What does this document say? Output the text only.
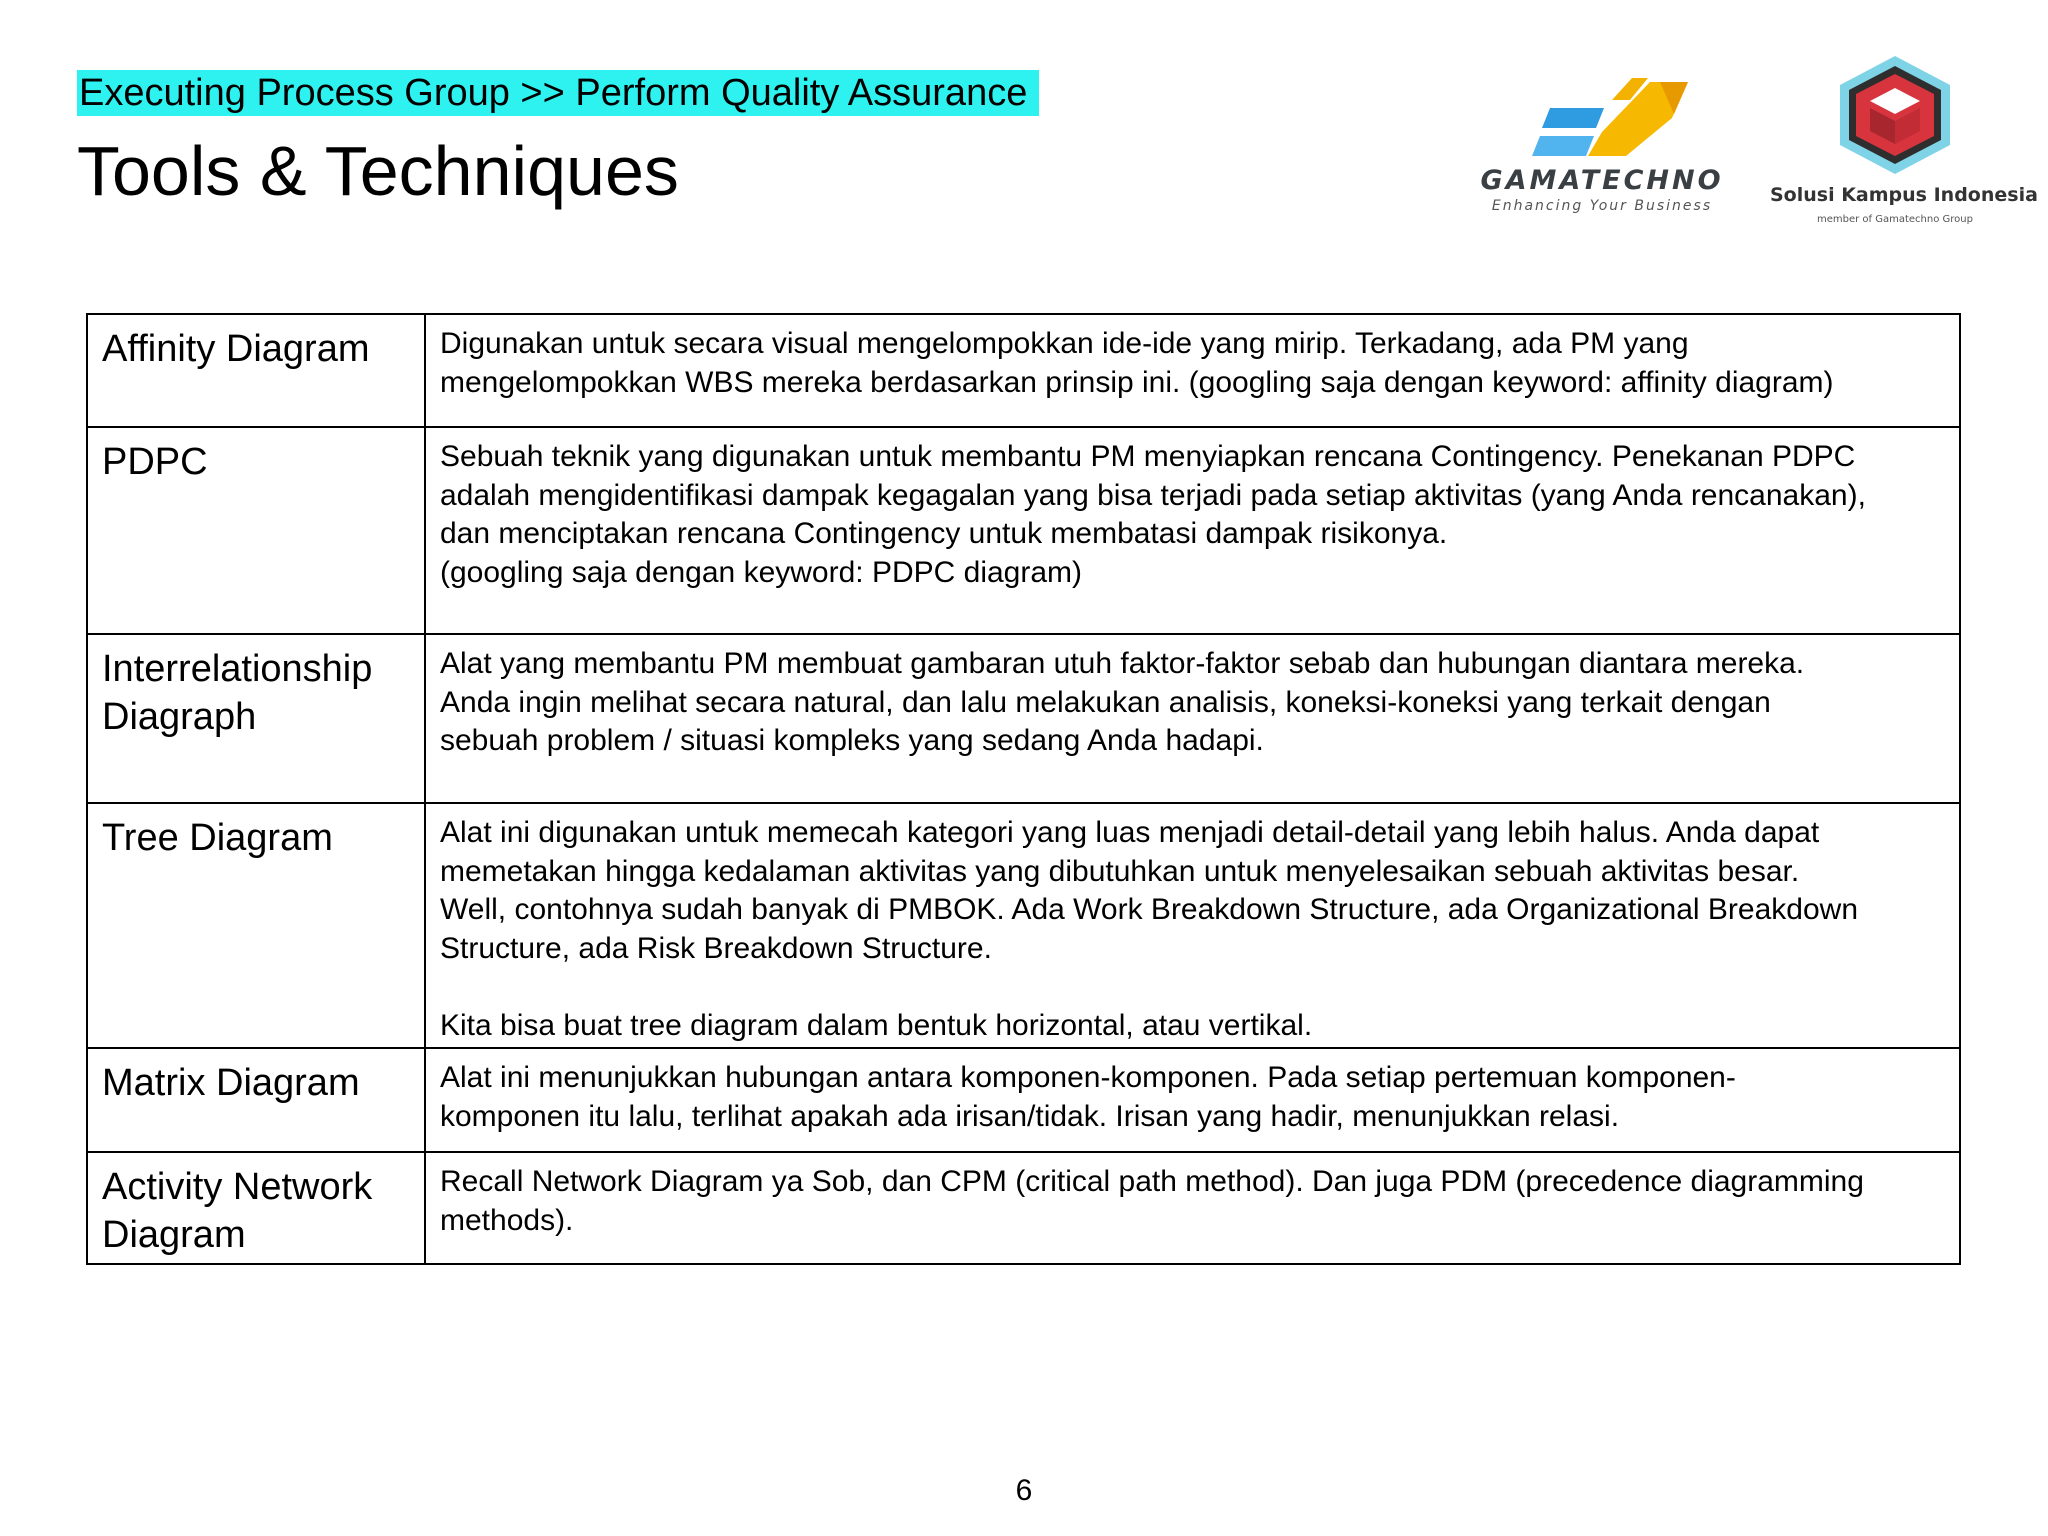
Executing Process Group >> Perform Quality Assurance
Tools & Techniques	GAMATECHNO
Enhancing Your Business	Solusi Kampus Indonesia
member of Gamatechno Group
Affinity Diagram	Digunakan untuk secara visual mengelompokkan ide-ide yang mirip. Terkadang, ada PM yang
mengelompokkan WBS mereka berdasarkan prinsip ini. (googling saja dengan keyword: affinity diagram)

PDPC	Sebuah teknik yang digunakan untuk membantu PM menyiapkan rencana Contingency. Penekanan PDPC
adalah mengidentifikasi dampak kegagalan yang bisa terjadi pada setiap aktivitas (yang Anda rencanakan),
dan menciptakan rencana Contingency untuk membatasi dampak risikonya.
(googling saja dengan keyword: PDPC diagram)

Interrelationship
Diagraph	Alat yang membantu PM membuat gambaran utuh faktor-faktor sebab dan hubungan diantara mereka.
Anda ingin melihat secara natural, dan lalu melakukan analisis, koneksi-koneksi yang terkait dengan
sebuah problem / situasi kompleks yang sedang Anda hadapi.

Tree Diagram	Alat ini digunakan untuk memecah kategori yang luas menjadi detail-detail yang lebih halus. Anda dapat
memetakan hingga kedalaman aktivitas yang dibutuhkan untuk menyelesaikan sebuah aktivitas besar.
Well, contohnya sudah banyak di PMBOK. Ada Work Breakdown Structure, ada Organizational Breakdown
Structure, ada Risk Breakdown Structure.
Kita bisa buat tree diagram dalam bentuk horizontal, atau vertikal.

Matrix Diagram	Alat ini menunjukkan hubungan antara komponen-komponen. Pada setiap pertemuan komponen-
komponen itu lalu, terlihat apakah ada irisan/tidak. Irisan yang hadir, menunjukkan relasi.

Activity Network
Diagram	Recall Network Diagram ya Sob, dan CPM (critical path method). Dan juga PDM (precedence diagramming
methods).
6
